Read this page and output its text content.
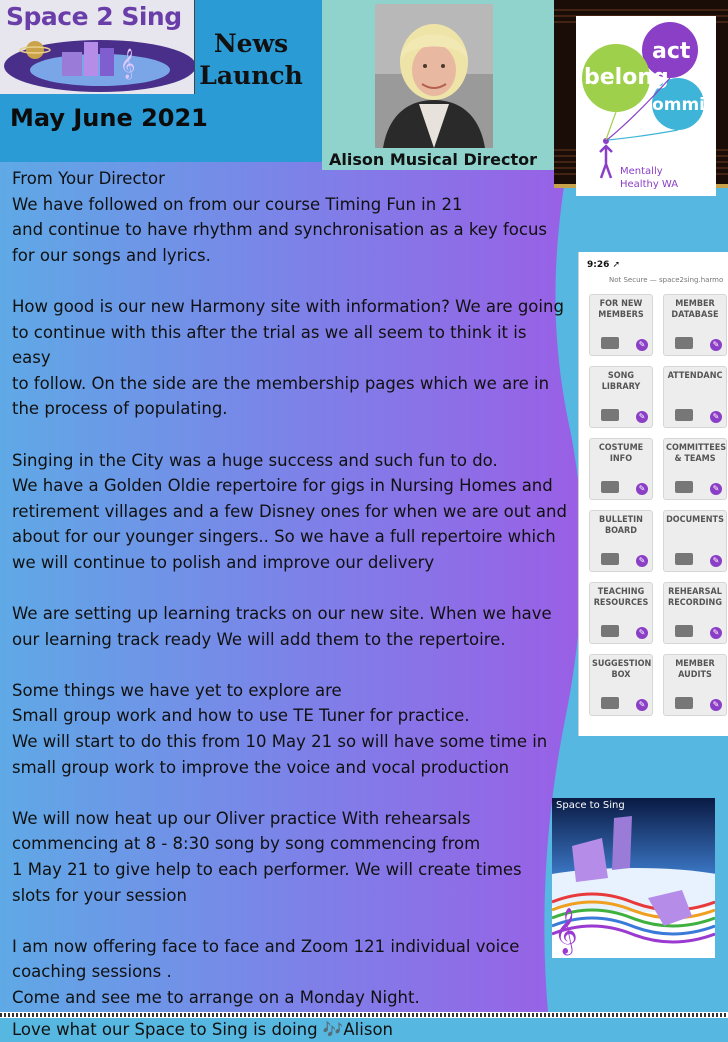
Space 2 Sing
𝄞
News
Launch
May June 2021
Alison Musical Director
act
belong
commit
Mentally
Healthy WA

From Your Director

We have followed on from our course Timing Fun in 21
and continue to have rhythm and synchronisation as a key focus
for our songs and lyrics.

How good is our new Harmony site with information? We are going
to continue with this after the trial as we all seem to think it is easy
to follow. On the side are the membership pages which we are in
the process of populating.

Singing in the City was a huge success and such fun to do.
We have a Golden Oldie repertoire for gigs in Nursing Homes and
retirement villages and a few Disney ones for when we are out and
about for our younger singers.. So we have a full repertoire which
we will continue to polish and improve our delivery

We are setting up learning tracks on our new site. When we have
our learning track ready We will add them to the repertoire.

Some things we have yet to explore are
Small group work and how to use TE Tuner for practice.
We will start to do this from 10 May 21 so will have some time in
small group work to improve the voice and vocal production

We will now heat up our Oliver practice With rehearsals
commencing at 8 - 8:30 song by song commencing from
1 May 21 to give help to each performer. We will create times
slots for your session

I am now offering face to face and Zoom 121 individual voice
coaching sessions .
Come and see me to arrange on a Monday Night.

Love what our Space to Sing is doing 🎶Alison

9:26 ➚
Not Secure — space2sing.harmo
FOR NEW
MEMBERS
✎
MEMBER
DATABASE
✎
SONG
LIBRARY
✎
ATTENDANC
✎
COSTUME
INFO
✎
COMMITTEES
& TEAMS
✎
BULLETIN
BOARD
✎
DOCUMENTS
✎
TEACHING
RESOURCES
✎
REHEARSAL
RECORDING
✎
SUGGESTION
BOX
✎
MEMBER
AUDITS
✎
𝄞
Space to Sing
